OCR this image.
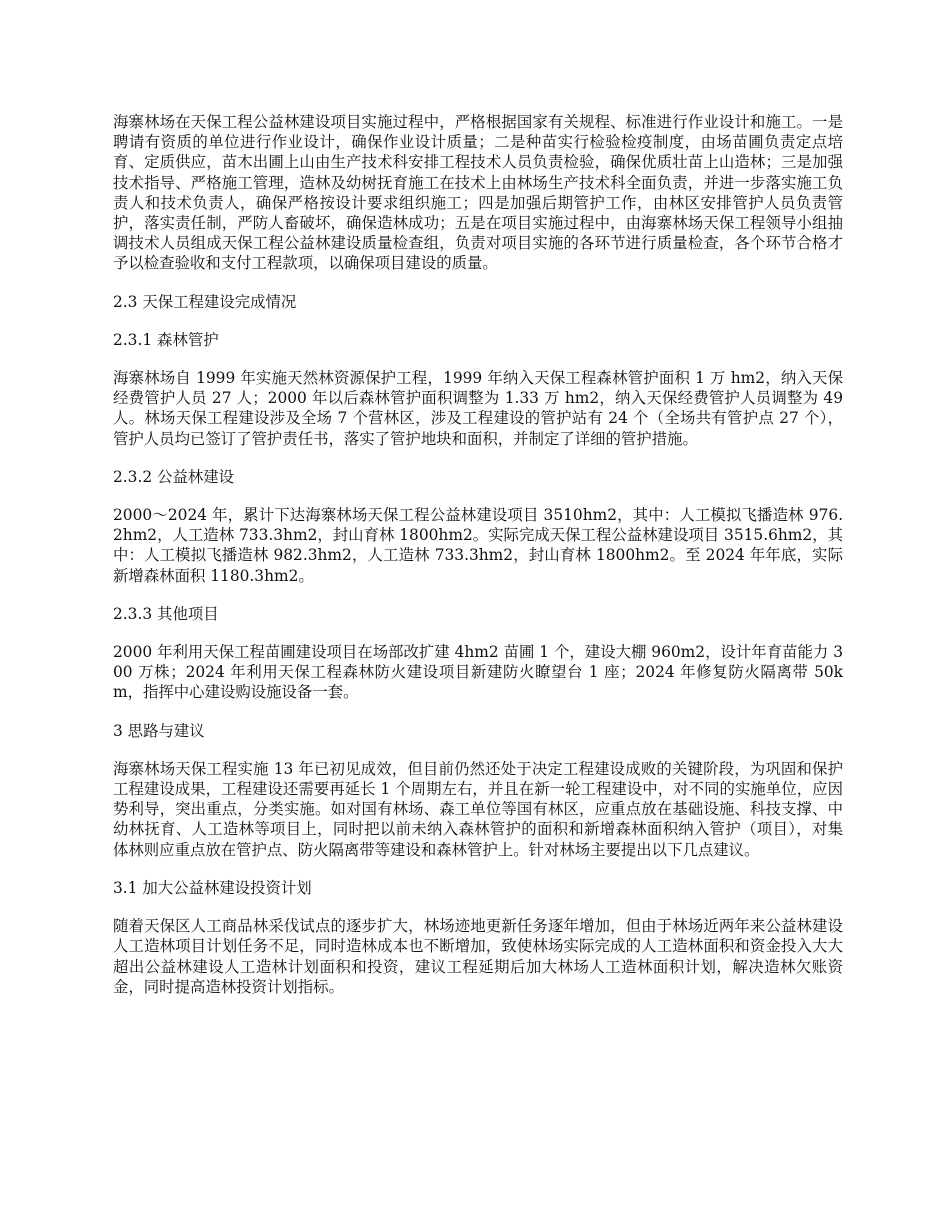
海寨林场在天保工程公益林建设项目实施过程中，严格根据国家有关规程、标准进行作业设计和施工。一是聘请有资质的单位进行作业设计，确保作业设计质量；二是种苗实行检验检疫制度，由场苗圃负责定点培育、定质供应，苗木出圃上山由生产技术科安排工程技术人员负责检验，确保优质壮苗上山造林；三是加强技术指导、严格施工管理，造林及幼树抚育施工在技术上由林场生产技术科全面负责，并进一步落实施工负责人和技术负责人，确保严格按设计要求组织施工；四是加强后期管护工作，由林区安排管护人员负责管护，落实责任制，严防人畜破坏，确保造林成功；五是在项目实施过程中，由海寨林场天保工程领导小组抽调技术人员组成天保工程公益林建设质量检查组，负责对项目实施的各环节进行质量检查，各个环节合格才予以检查验收和支付工程款项，以确保项目建设的质量。

2.3 天保工程建设完成情况
2.3.1 森林管护

海寨林场自 1999 年实施天然林资源保护工程，1999 年纳入天保工程森林管护面积 1 万 hm2，纳入天保经费管护人员 27 人；2000 年以后森林管护面积调整为 1.33 万 hm2，纳入天保经费管护人员调整为 49 人。林场天保工程建设涉及全场 7 个营林区，涉及工程建设的管护站有 24 个（全场共有管护点 27 个），管护人员均已签订了管护责任书，落实了管护地块和面积，并制定了详细的管护措施。

2.3.2 公益林建设

2000～2024 年，累计下达海寨林场天保工程公益林建设项目 3510hm2，其中：人工模拟飞播造林 976.2hm2，人工造林 733.3hm2，封山育林 1800hm2。实际完成天保工程公益林建设项目 3515.6hm2，其中：人工模拟飞播造林 982.3hm2，人工造林 733.3hm2，封山育林 1800hm2。至 2024 年年底，实际新增森林面积 1180.3hm2。

2.3.3 其他项目

2000 年利用天保工程苗圃建设项目在场部改扩建 4hm2 苗圃 1 个，建设大棚 960m2，设计年育苗能力 300 万株；2024 年利用天保工程森林防火建设项目新建防火瞭望台 1 座；2024 年修复防火隔离带 50km，指挥中心建设购设施设备一套。

3 思路与建议

海寨林场天保工程实施 13 年已初见成效，但目前仍然还处于决定工程建设成败的关键阶段，为巩固和保护工程建设成果，工程建设还需要再延长 1 个周期左右，并且在新一轮工程建设中，对不同的实施单位，应因势利导，突出重点，分类实施。如对国有林场、森工单位等国有林区，应重点放在基础设施、科技支撑、中幼林抚育、人工造林等项目上，同时把以前未纳入森林管护的面积和新增森林面积纳入管护（项目），对集体林则应重点放在管护点、防火隔离带等建设和森林管护上。针对林场主要提出以下几点建议。

3.1 加大公益林建设投资计划

随着天保区人工商品林采伐试点的逐步扩大，林场迹地更新任务逐年增加，但由于林场近两年来公益林建设人工造林项目计划任务不足，同时造林成本也不断增加，致使林场实际完成的人工造林面积和资金投入大大超出公益林建设人工造林计划面积和投资，建议工程延期后加大林场人工造林面积计划，解决造林欠账资金，同时提高造林投资计划指标。
